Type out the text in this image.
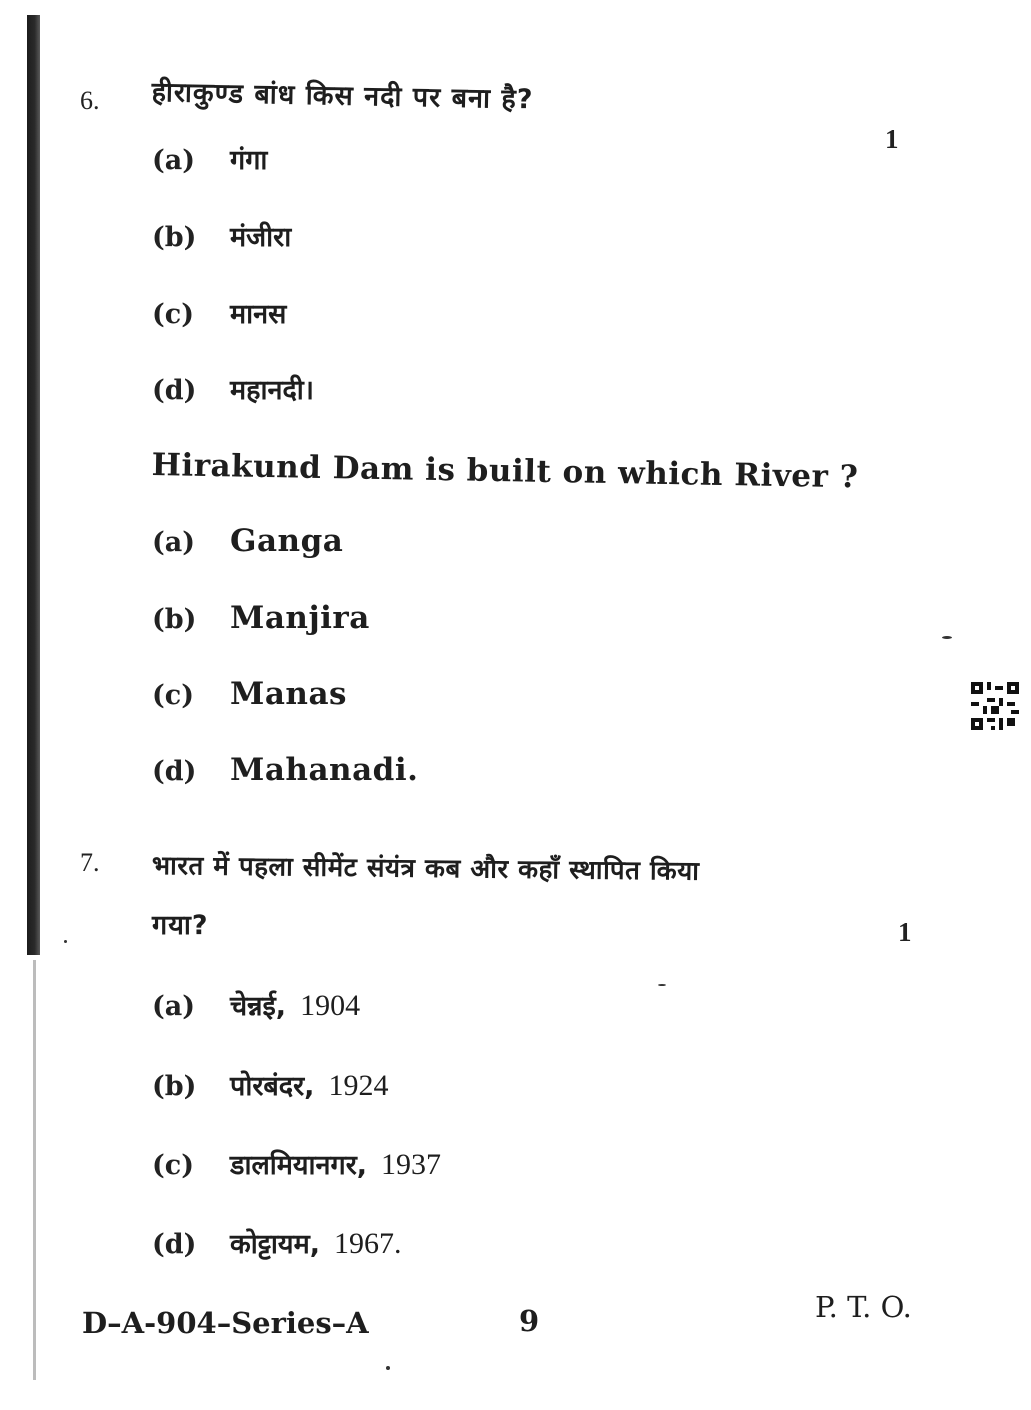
6. हीराकुण्ड बांध किस नदी पर बना है?
1
(a) गंगा
(b) मंजीरा
(c) मानस
(d) महानदी।
Hirakund Dam is built on which River ?
(a) Ganga
(b) Manjira
(c) Manas
(d) Mahanadi.
7. भारत में पहला सीमेंट संयंत्र कब और कहाँ स्थापित किया
गया?	1
(a) चेन्नई, 1904
(b) पोरबंदर, 1924
(c) डालमियानगर, 1937
(d) कोट्टायम, 1967.
D–A-904–Series–A	9	P. T. O.
